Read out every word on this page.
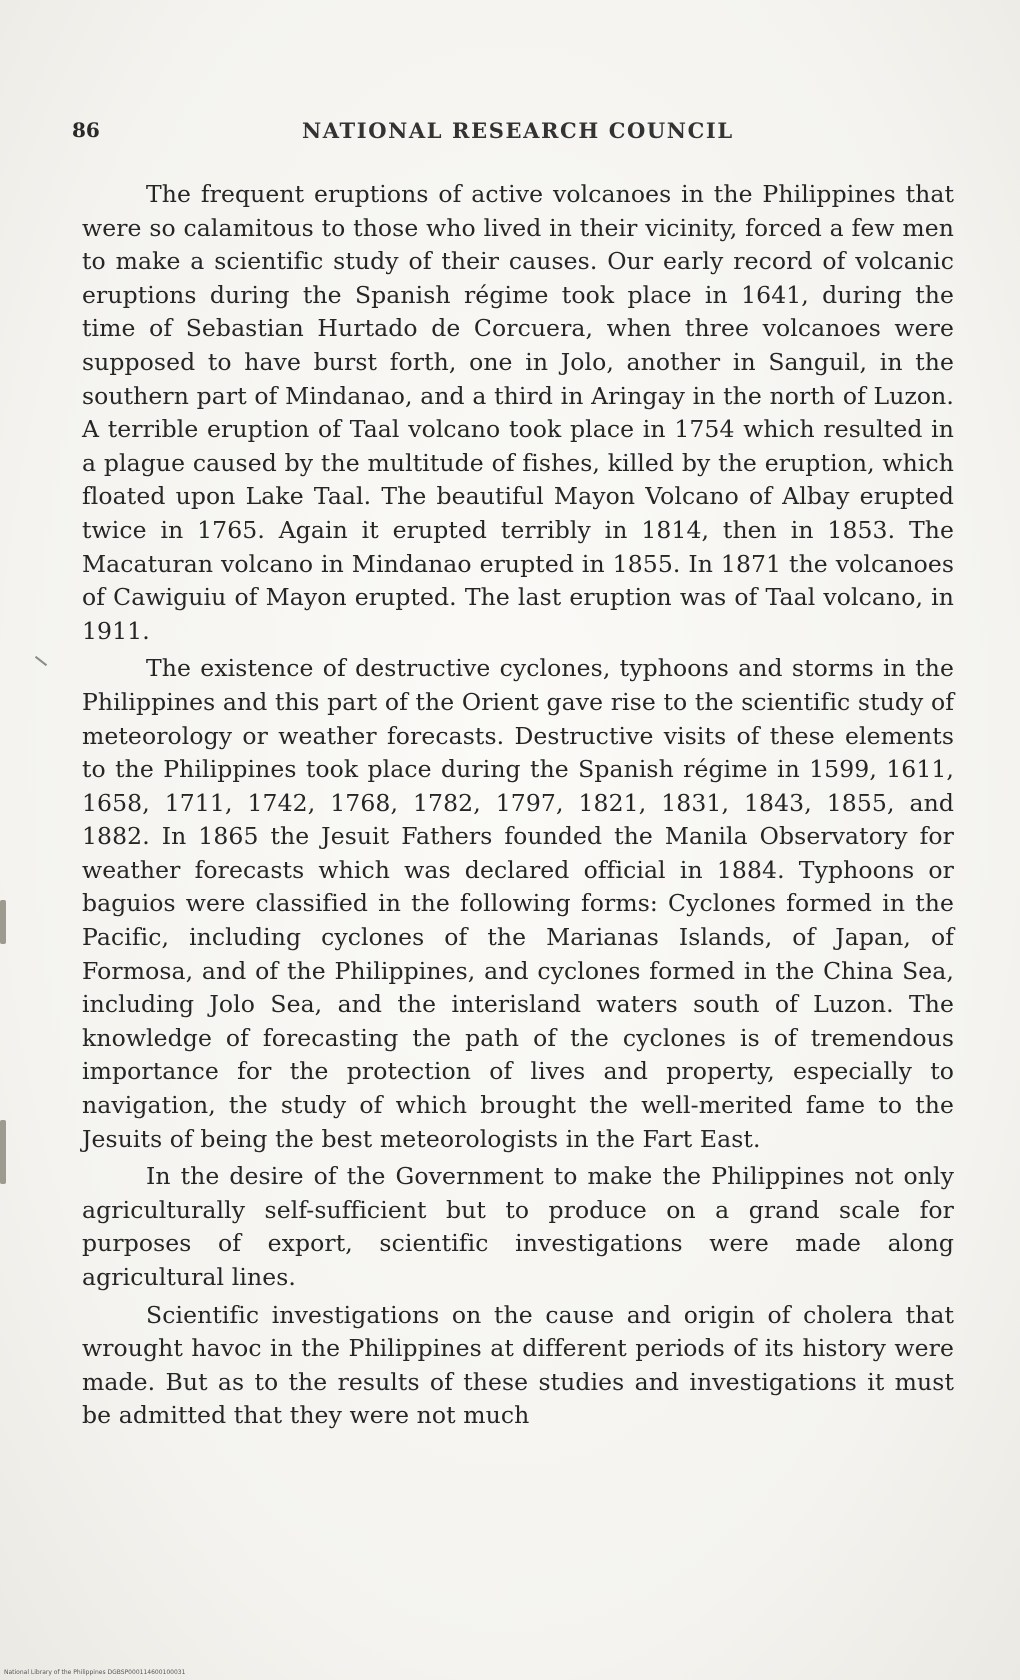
86	NATIONAL RESEARCH COUNCIL

The frequent eruptions of active volcanoes in the Philippines that were so calamitous to those who lived in their vicinity, forced a few men to make a scientific study of their causes. Our early record of volcanic eruptions during the Spanish régime took place in 1641, during the time of Sebastian Hurtado de Corcuera, when three volcanoes were supposed to have burst forth, one in Jolo, another in Sanguil, in the southern part of Mindanao, and a third in Aringay in the north of Luzon. A terrible eruption of Taal volcano took place in 1754 which resulted in a plague caused by the multitude of fishes, killed by the eruption, which floated upon Lake Taal. The beautiful Mayon Volcano of Albay erupted twice in 1765. Again it erupted terribly in 1814, then in 1853. The Macaturan volcano in Mindanao erupted in 1855. In 1871 the volcanoes of Cawiguiu of Mayon erupted. The last eruption was of Taal volcano, in 1911.

The existence of destructive cyclones, typhoons and storms in the Philippines and this part of the Orient gave rise to the scientific study of meteorology or weather forecasts. Destructive visits of these elements to the Philippines took place during the Spanish régime in 1599, 1611, 1658, 1711, 1742, 1768, 1782, 1797, 1821, 1831, 1843, 1855, and 1882. In 1865 the Jesuit Fathers founded the Manila Observatory for weather forecasts which was declared official in 1884. Typhoons or baguios were classified in the following forms: Cyclones formed in the Pacific, including cyclones of the Marianas Islands, of Japan, of Formosa, and of the Philippines, and cyclones formed in the China Sea, including Jolo Sea, and the interisland waters south of Luzon. The knowledge of forecasting the path of the cyclones is of tremendous importance for the protection of lives and property, especially to navigation, the study of which brought the well-merited fame to the Jesuits of being the best meteorologists in the Fart East.

In the desire of the Government to make the Philippines not only agriculturally self-sufficient but to produce on a grand scale for purposes of export, scientific investigations were made along agricultural lines.

Scientific investigations on the cause and origin of cholera that wrought havoc in the Philippines at different periods of its history were made. But as to the results of these studies and investigations it must be admitted that they were not much

National Library of the Philippines DGBSP000114600100031
